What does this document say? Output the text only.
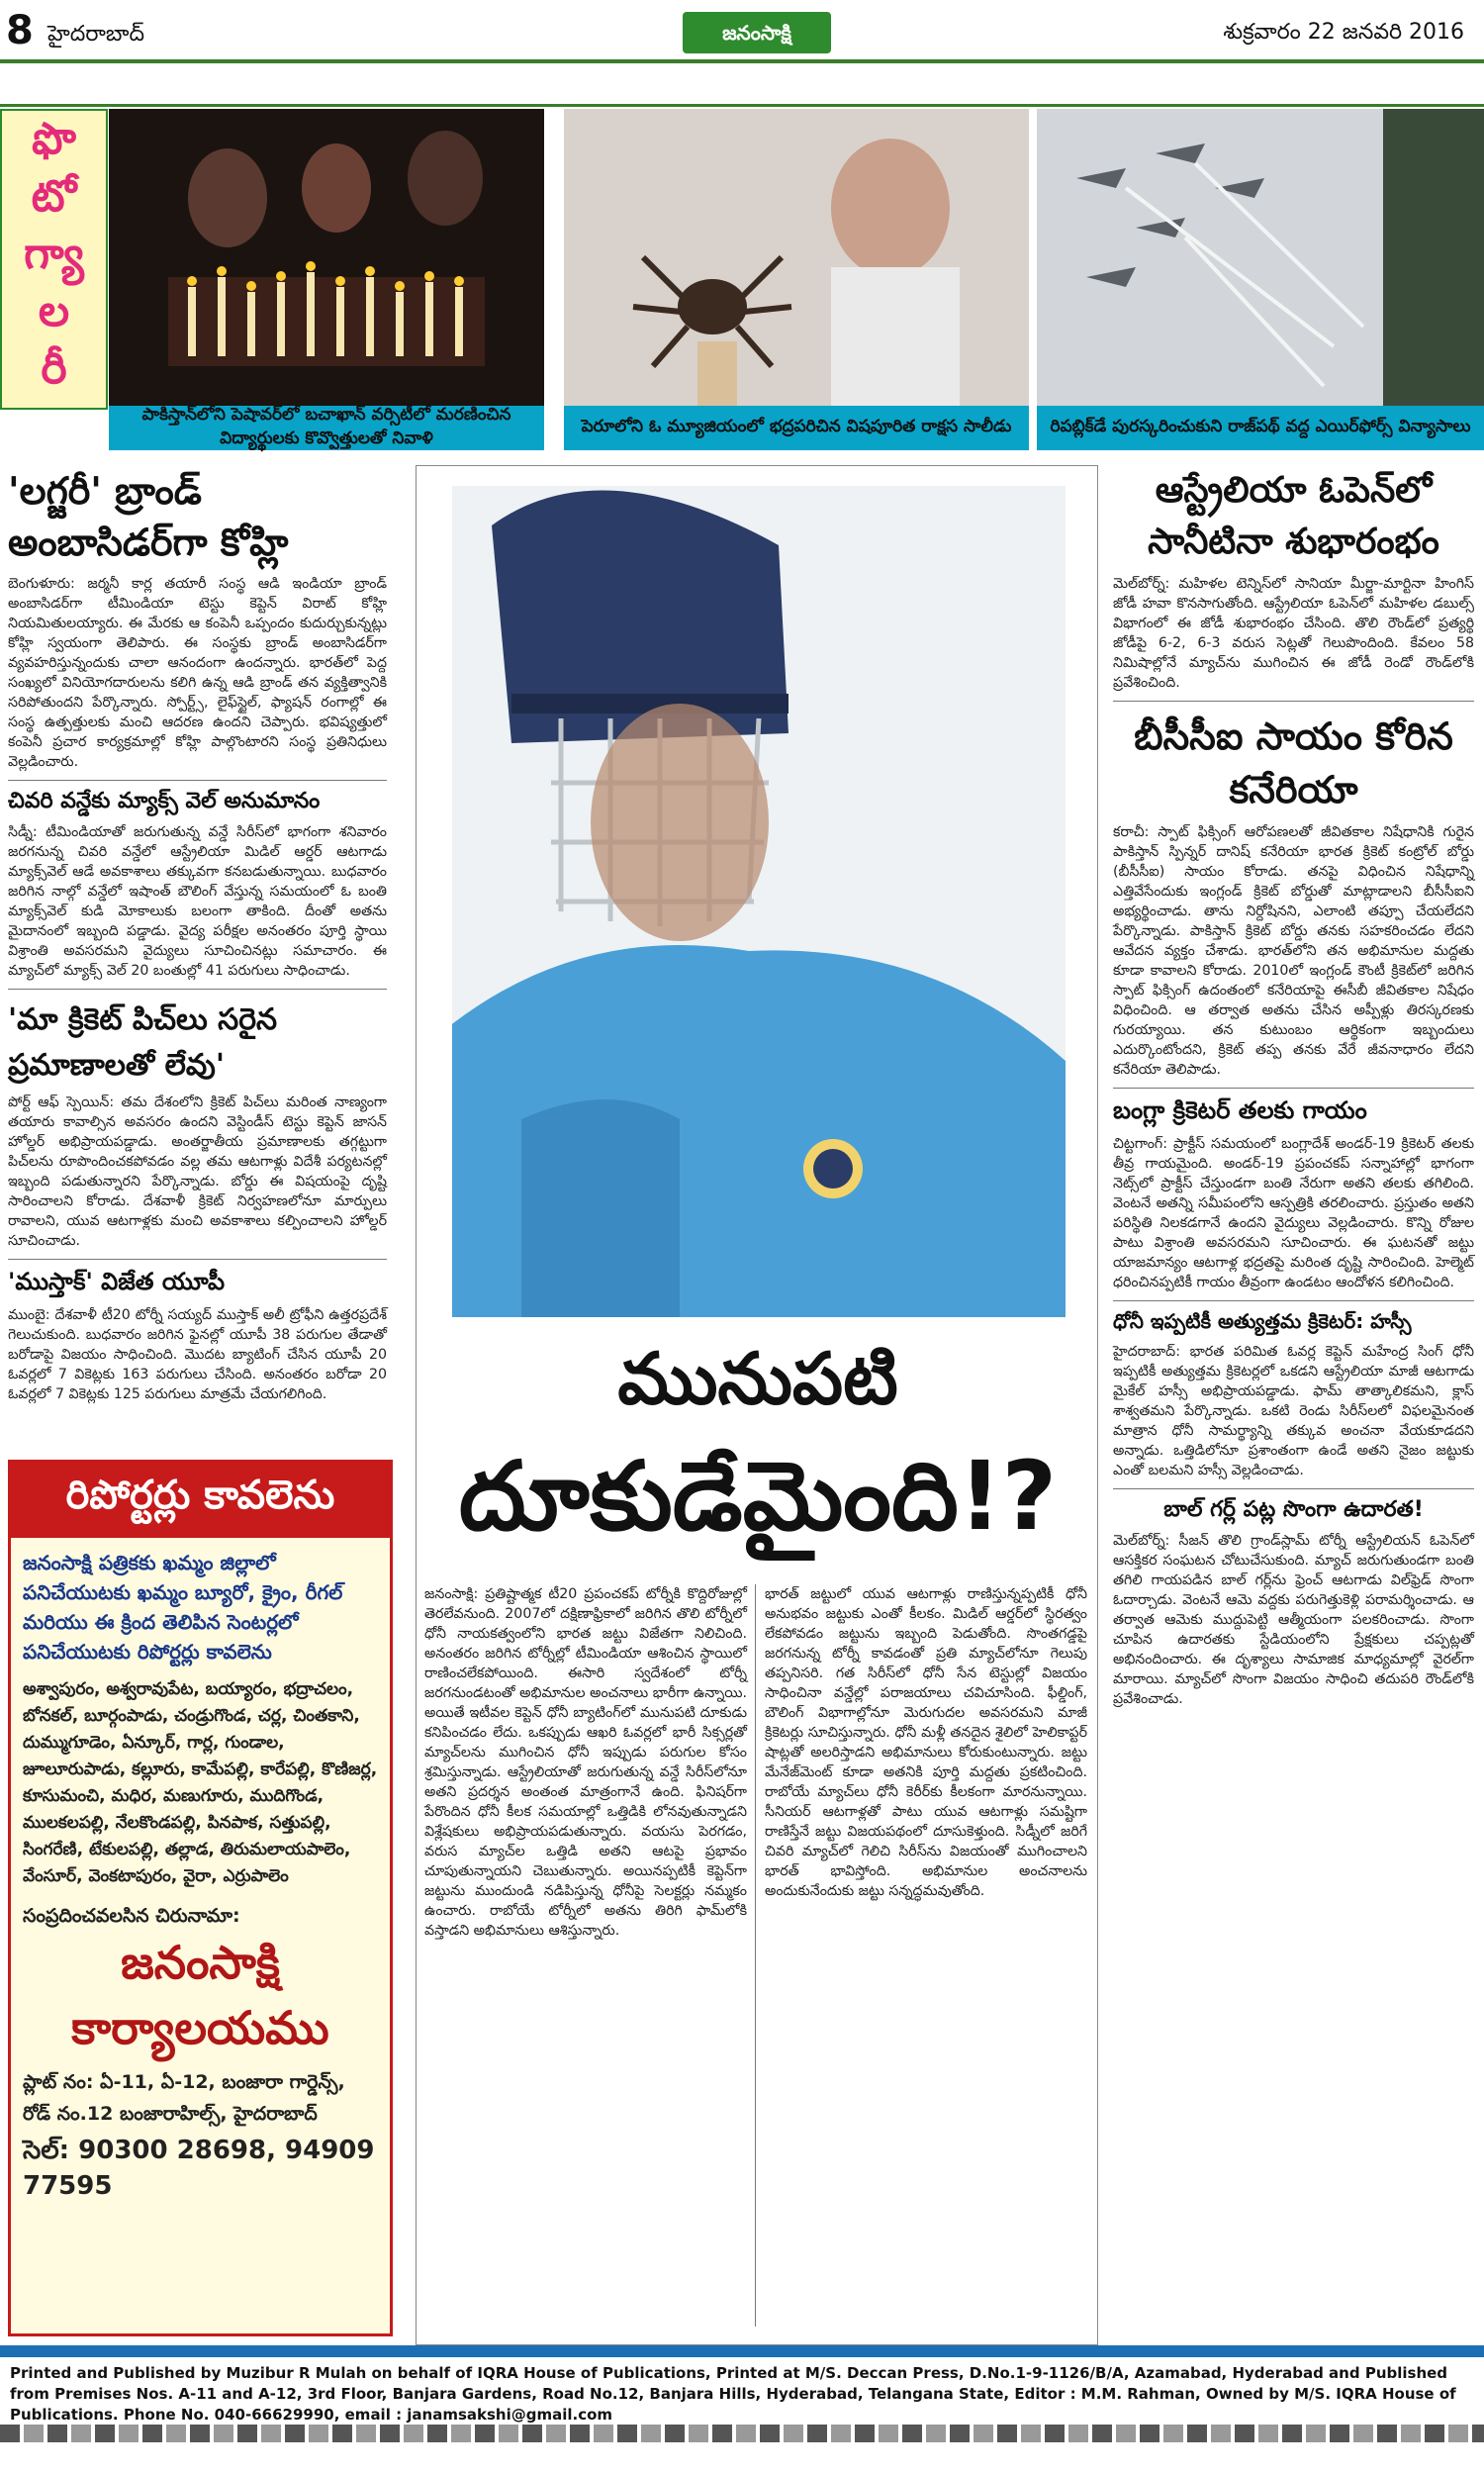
8 హైదరాబాద్	జనంసాక్షి	శుక్రవారం 22 జనవరి 2016
ఫొ
టో
గ్యా
ల
రీ
పాకిస్తాన్‌లోని పెషావర్‌లో బచాఖాన్ వర్సిటీలో మరణించిన విద్యార్థులకు కొవ్వొత్తులతో నివాళి
పెరూలోని ఓ మ్యూజియంలో భద్రపరిచిన విషపూరిత రాక్షస సాలీడు	రిపబ్లిక్‌డే పురస్కరించుకుని రాజ్‌పథ్ వద్ద ఎయిర్‌ఫోర్స్ విన్యాసాలు
'లగ్జరీ' బ్రాండ్ అంబాసిడర్‌గా కోహ్లి
బెంగుళూరు: జర్మనీ కార్ల తయారీ సంస్థ ఆడి ఇండియా బ్రాండ్ అంబాసిడర్‌గా టీమిండియా టెస్టు కెప్టెన్ విరాట్ కోహ్లి నియమితులయ్యారు. ఈ మేరకు ఆ కంపెనీ ఒప్పందం కుదుర్చుకున్నట్లు కోహ్లి స్వయంగా తెలిపారు. ఈ సంస్థకు బ్రాండ్ అంబాసిడర్‌గా వ్యవహరిస్తున్నందుకు చాలా ఆనందంగా ఉందన్నారు. భారత్‌లో పెద్ద సంఖ్యలో వినియోగదారులను కలిగి ఉన్న ఆడి బ్రాండ్ తన వ్యక్తిత్వానికి సరిపోతుందని పేర్కొన్నారు. స్పోర్ట్స్, లైఫ్‌స్టైల్, ఫ్యాషన్ రంగాల్లో ఈ సంస్థ ఉత్పత్తులకు మంచి ఆదరణ ఉందని చెప్పారు. భవిష్యత్తులో కంపెనీ ప్రచార కార్యక్రమాల్లో కోహ్లి పాల్గొంటారని సంస్థ ప్రతినిధులు వెల్లడించారు.
చివరి వన్డేకు మ్యాక్స్ వెల్ అనుమానం
సిడ్నీ: టీమిండియాతో జరుగుతున్న వన్డే సిరీస్‌లో భాగంగా శనివారం జరగనున్న చివరి వన్డేలో ఆస్ట్రేలియా మిడిల్ ఆర్డర్ ఆటగాడు మ్యాక్స్‌వెల్ ఆడే అవకాశాలు తక్కువగా కనబడుతున్నాయి. బుధవారం జరిగిన నాల్గో వన్డేలో ఇషాంత్ బౌలింగ్ వేస్తున్న సమయంలో ఓ బంతి మ్యాక్స్‌వెల్ కుడి మోకాలుకు బలంగా తాకింది. దీంతో అతను మైదానంలో ఇబ్బంది పడ్డాడు. వైద్య పరీక్షల అనంతరం పూర్తి స్థాయి విశ్రాంతి అవసరమని వైద్యులు సూచించినట్లు సమాచారం. ఈ మ్యాచ్‌లో మ్యాక్స్ వెల్ 20 బంతుల్లో 41 పరుగులు సాధించాడు.
'మా క్రికెట్ పిచ్‌లు సరైన ప్రమాణాలతో లేవు'
పోర్ట్ ఆఫ్ స్పెయిన్: తమ దేశంలోని క్రికెట్ పిచ్‌లు మరింత నాణ్యంగా తయారు కావాల్సిన అవసరం ఉందని వెస్టిండీస్ టెస్టు కెప్టెన్ జాసన్ హోల్డర్ అభిప్రాయపడ్డాడు. అంతర్జాతీయ ప్రమాణాలకు తగ్గట్టుగా పిచ్‌లను రూపొందించకపోవడం వల్ల తమ ఆటగాళ్లు విదేశీ పర్యటనల్లో ఇబ్బంది పడుతున్నారని పేర్కొన్నాడు. బోర్డు ఈ విషయంపై దృష్టి సారించాలని కోరాడు. దేశవాళీ క్రికెట్ నిర్వహణలోనూ మార్పులు రావాలని, యువ ఆటగాళ్లకు మంచి అవకాశాలు కల్పించాలని హోల్డర్ సూచించాడు.
'ముస్తాక్' విజేత యూపీ
ముంబై: దేశవాళీ టీ20 టోర్నీ సయ్యద్ ముస్తాక్ అలీ ట్రోఫీని ఉత్తరప్రదేశ్ గెలుచుకుంది. బుధవారం జరిగిన ఫైనల్లో యూపీ 38 పరుగుల తేడాతో బరోడాపై విజయం సాధించింది. మొదట బ్యాటింగ్ చేసిన యూపీ 20 ఓవర్లలో 7 వికెట్లకు 163 పరుగులు చేసింది. అనంతరం బరోడా 20 ఓవర్లలో 7 వికెట్లకు 125 పరుగులు మాత్రమే చేయగలిగింది.
రిపోర్టర్లు కావలెను
జనంసాక్షి పత్రికకు ఖమ్మం జిల్లాలో పనిచేయుటకు ఖమ్మం బ్యూరో, క్రైం, రీగల్ మరియు ఈ క్రింద తెలిపిన సెంటర్లలో పనిచేయుటకు రిపోర్టర్లు కావలెను
అశ్వాపురం, అశ్వరావుపేట, బయ్యారం, భద్రాచలం, బోనకల్, బూర్గంపాడు, చండ్రుగొండ, చర్ల, చింతకాని, దుమ్ముగూడెం, ఏన్కూర్, గార్ల, గుండాల, జూలూరుపాడు, కల్లూరు, కామేపల్లి, కారేపల్లి, కొణిజర్ల, కూసుమంచి, మధిర, మణుగూరు, ముదిగొండ, ములకలపల్లి, నేలకొండపల్లి, పినపాక, సత్తుపల్లి, సింగరేణి, టేకులపల్లి, తల్లాడ, తిరుమలాయపాలెం, వేంసూర్, వెంకటాపురం, వైరా, ఎర్రుపాలెం
సంప్రదించవలసిన చిరునామా:
జనంసాక్షి కార్యాలయము
ప్లాట్ నం: ఏ-11, ఏ-12, బంజారా గార్డెన్స్, రోడ్ నం.12 బంజారాహిల్స్, హైదరాబాద్
సెల్: 90300 28698, 94909 77595
మునుపటి
దూకుడేమైంది!?
జనంసాక్షి: ప్రతిష్టాత్మక టీ20 ప్రపంచకప్ టోర్నీకి కొద్దిరోజుల్లో తెరలేవనుంది. 2007లో దక్షిణాఫ్రికాలో జరిగిన తొలి టోర్నీలో ధోనీ నాయకత్వంలోని భారత జట్టు విజేతగా నిలిచింది. అనంతరం జరిగిన టోర్నీల్లో టీమిండియా ఆశించిన స్థాయిలో రాణించలేకపోయింది. ఈసారి స్వదేశంలో టోర్నీ జరగనుండటంతో అభిమానుల అంచనాలు భారీగా ఉన్నాయి. అయితే ఇటీవల కెప్టెన్ ధోనీ బ్యాటింగ్‌లో మునుపటి దూకుడు కనిపించడం లేదు. ఒకప్పుడు ఆఖరి ఓవర్లలో భారీ సిక్సర్లతో మ్యాచ్‌లను ముగించిన ధోనీ ఇప్పుడు పరుగుల కోసం శ్రమిస్తున్నాడు. ఆస్ట్రేలియాతో జరుగుతున్న వన్డే సిరీస్‌లోనూ అతని ప్రదర్శన అంతంత మాత్రంగానే ఉంది. ఫినిషర్‌గా పేరొందిన ధోనీ కీలక సమయాల్లో ఒత్తిడికి లోనవుతున్నాడని విశ్లేషకులు అభిప్రాయపడుతున్నారు. వయసు పెరగడం, వరుస మ్యాచ్‌ల ఒత్తిడి అతని ఆటపై ప్రభావం చూపుతున్నాయని చెబుతున్నారు. అయినప్పటికీ కెప్టెన్‌గా జట్టును ముందుండి నడిపిస్తున్న ధోనీపై సెలక్టర్లు నమ్మకం ఉంచారు. రాబోయే టోర్నీలో అతను తిరిగి ఫామ్‌లోకి వస్తాడని అభిమానులు ఆశిస్తున్నారు.
భారత్ జట్టులో యువ ఆటగాళ్లు రాణిస్తున్నప్పటికీ ధోనీ అనుభవం జట్టుకు ఎంతో కీలకం. మిడిల్ ఆర్డర్‌లో స్థిరత్వం లేకపోవడం జట్టును ఇబ్బంది పెడుతోంది. సొంతగడ్డపై జరగనున్న టోర్నీ కావడంతో ప్రతి మ్యాచ్‌లోనూ గెలుపు తప్పనిసరి. గత సిరీస్‌లో ధోనీ సేన టెస్టుల్లో విజయం సాధించినా వన్డేల్లో పరాజయాలు చవిచూసింది. ఫీల్డింగ్, బౌలింగ్ విభాగాల్లోనూ మెరుగుదల అవసరమని మాజీ క్రికెటర్లు సూచిస్తున్నారు. ధోనీ మళ్లీ తనదైన శైలిలో హెలికాప్టర్ షాట్లతో అలరిస్తాడని అభిమానులు కోరుకుంటున్నారు. జట్టు మేనేజ్‌మెంట్ కూడా అతనికి పూర్తి మద్దతు ప్రకటించింది. రాబోయే మ్యాచ్‌లు ధోనీ కెరీర్‌కు కీలకంగా మారనున్నాయి. సీనియర్ ఆటగాళ్లతో పాటు యువ ఆటగాళ్లు సమష్టిగా రాణిస్తేనే జట్టు విజయపథంలో దూసుకెళ్తుంది. సిడ్నీలో జరిగే చివరి మ్యాచ్‌లో గెలిచి సిరీస్‌ను విజయంతో ముగించాలని భారత్ భావిస్తోంది. అభిమానుల అంచనాలను అందుకునేందుకు జట్టు సన్నద్ధమవుతోంది.
ఆస్ట్రేలియా ఓపెన్‌లో సానీటినా శుభారంభం
మెల్‌బోర్న్: మహిళల టెన్నిస్‌లో సానియా మీర్జా-మార్టినా హింగిస్ జోడీ హవా కొనసాగుతోంది. ఆస్ట్రేలియా ఓపెన్‌లో మహిళల డబుల్స్ విభాగంలో ఈ జోడీ శుభారంభం చేసింది. తొలి రౌండ్‌లో ప్రత్యర్థి జోడీపై 6-2, 6-3 వరుస సెట్లతో గెలుపొందింది. కేవలం 58 నిమిషాల్లోనే మ్యాచ్‌ను ముగించిన ఈ జోడీ రెండో రౌండ్‌లోకి ప్రవేశించింది.
బీసీసీఐ సాయం కోరిన కనేరియా
కరాచీ: స్పాట్ ఫిక్సింగ్ ఆరోపణలతో జీవితకాల నిషేధానికి గురైన పాకిస్తాన్ స్పిన్నర్ దానిష్ కనేరియా భారత క్రికెట్ కంట్రోల్ బోర్డు (బీసీసీఐ) సాయం కోరాడు. తనపై విధించిన నిషేధాన్ని ఎత్తివేసేందుకు ఇంగ్లండ్ క్రికెట్ బోర్డుతో మాట్లాడాలని బీసీసీఐని అభ్యర్థించాడు. తాను నిర్దోషినని, ఎలాంటి తప్పూ చేయలేదని పేర్కొన్నాడు. పాకిస్తాన్ క్రికెట్ బోర్డు తనకు సహకరించడం లేదని ఆవేదన వ్యక్తం చేశాడు. భారత్‌లోని తన అభిమానుల మద్దతు కూడా కావాలని కోరాడు. 2010లో ఇంగ్లండ్ కౌంటీ క్రికెట్‌లో జరిగిన స్పాట్ ఫిక్సింగ్ ఉదంతంలో కనేరియాపై ఈసీబీ జీవితకాల నిషేధం విధించింది. ఆ తర్వాత అతను చేసిన అప్పీళ్లు తిరస్కరణకు గురయ్యాయి. తన కుటుంబం ఆర్థికంగా ఇబ్బందులు ఎదుర్కొంటోందని, క్రికెట్ తప్ప తనకు వేరే జీవనాధారం లేదని కనేరియా తెలిపాడు.
బంగ్లా క్రికెటర్ తలకు గాయం
చిట్టగాంగ్: ప్రాక్టీస్ సమయంలో బంగ్లాదేశ్ అండర్-19 క్రికెటర్ తలకు తీవ్ర గాయమైంది. అండర్-19 ప్రపంచకప్ సన్నాహాల్లో భాగంగా నెట్స్‌లో ప్రాక్టీస్ చేస్తుండగా బంతి నేరుగా అతని తలకు తగిలింది. వెంటనే అతన్ని సమీపంలోని ఆస్పత్రికి తరలించారు. ప్రస్తుతం అతని పరిస్థితి నిలకడగానే ఉందని వైద్యులు వెల్లడించారు. కొన్ని రోజుల పాటు విశ్రాంతి అవసరమని సూచించారు. ఈ ఘటనతో జట్టు యాజమాన్యం ఆటగాళ్ల భద్రతపై మరింత దృష్టి సారించింది. హెల్మెట్ ధరించినప్పటికీ గాయం తీవ్రంగా ఉండటం ఆందోళన కలిగించింది.
ధోనీ ఇప్పటికీ అత్యుత్తమ క్రికెటర్: హస్సీ
హైదరాబాద్: భారత పరిమిత ఓవర్ల కెప్టెన్ మహేంద్ర సింగ్ ధోనీ ఇప్పటికీ అత్యుత్తమ క్రికెటర్లలో ఒకడని ఆస్ట్రేలియా మాజీ ఆటగాడు మైకేల్ హస్సీ అభిప్రాయపడ్డాడు. ఫామ్ తాత్కాలికమని, క్లాస్ శాశ్వతమని పేర్కొన్నాడు. ఒకటి రెండు సిరీస్‌లలో విఫలమైనంత మాత్రాన ధోనీ సామర్థ్యాన్ని తక్కువ అంచనా వేయకూడదని అన్నాడు. ఒత్తిడిలోనూ ప్రశాంతంగా ఉండే అతని నైజం జట్టుకు ఎంతో బలమని హస్సీ వెల్లడించాడు.
బాల్ గర్ల్ పట్ల సొంగా ఉదారత!
మెల్‌బోర్న్: సీజన్ తొలి గ్రాండ్‌స్లామ్ టోర్నీ ఆస్ట్రేలియన్ ఓపెన్‌లో ఆసక్తికర సంఘటన చోటుచేసుకుంది. మ్యాచ్ జరుగుతుండగా బంతి తగిలి గాయపడిన బాల్ గర్ల్‌ను ఫ్రెంచ్ ఆటగాడు విల్‌ఫ్రెడ్ సొంగా ఓదార్చాడు. వెంటనే ఆమె వద్దకు పరుగెత్తుకెళ్లి పరామర్శించాడు. ఆ తర్వాత ఆమెకు ముద్దుపెట్టి ఆత్మీయంగా పలకరించాడు. సొంగా చూపిన ఉదారతకు స్టేడియంలోని ప్రేక్షకులు చప్పట్లతో అభినందించారు. ఈ దృశ్యాలు సామాజిక మాధ్యమాల్లో వైరల్‌గా మారాయి. మ్యాచ్‌లో సొంగా విజయం సాధించి తదుపరి రౌండ్‌లోకి ప్రవేశించాడు.
Printed and Published by Muzibur R Mulah on behalf of IQRA House of Publications, Printed at M/S. Deccan Press, D.No.1-9-1126/B/A, Azamabad, Hyderabad and Published from Premises Nos. A-11 and A-12, 3rd Floor, Banjara Gardens, Road No.12, Banjara Hills, Hyderabad, Telangana State, Editor : M.M. Rahman, Owned by M/S. IQRA House of Publications. Phone No. 040-66629990, email : janamsakshi@gmail.com
